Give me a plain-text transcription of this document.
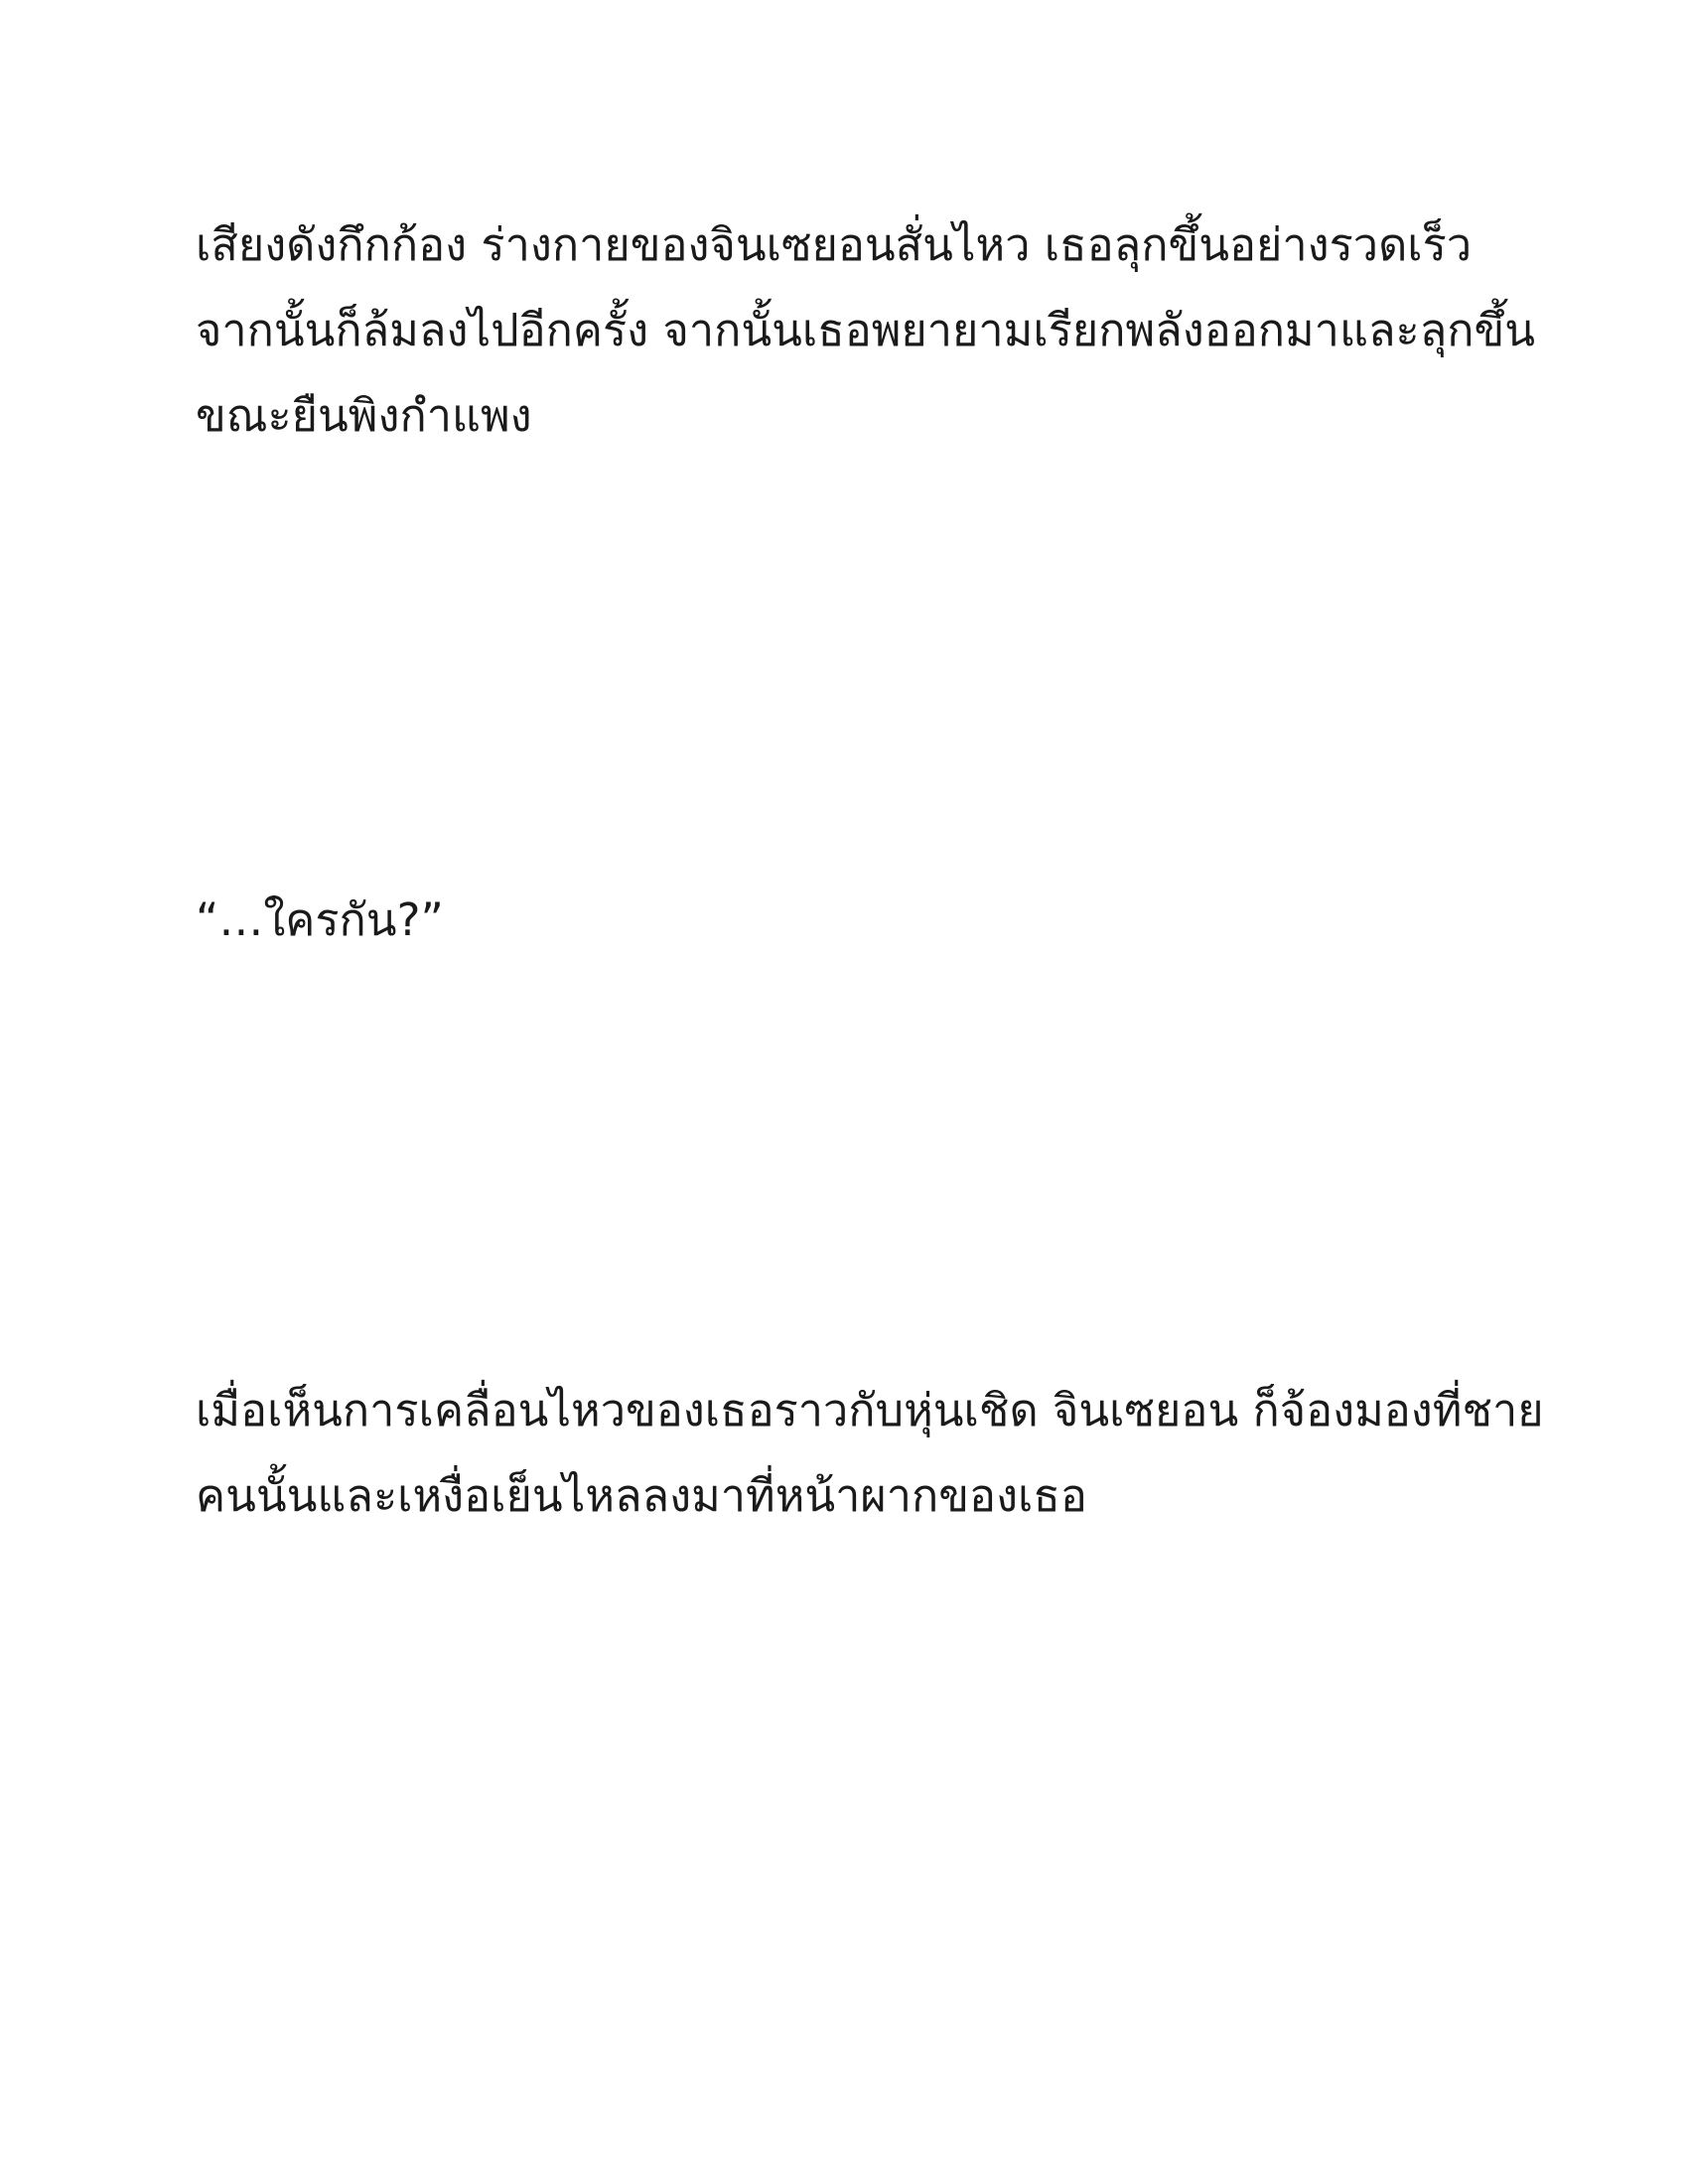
เสียงดังกึกก้อง ร่างกายของจินเซยอนสั่นไหว เธอลุกขึ้นอย่างรวดเร็ว
จากนั้นก็ล้มลงไปอีกครั้ง จากนั้นเธอพยายามเรียกพลังออกมาและลุกขึ้น
ขณะยืนพิงกำแพง
“…ใครกัน?”
เมื่อเห็นการเคลื่อนไหวของเธอราวกับหุ่นเชิด จินเซยอน ก็จ้องมองที่ชาย
คนนั้นและเหงื่อเย็นไหลลงมาที่หน้าผากของเธอ
